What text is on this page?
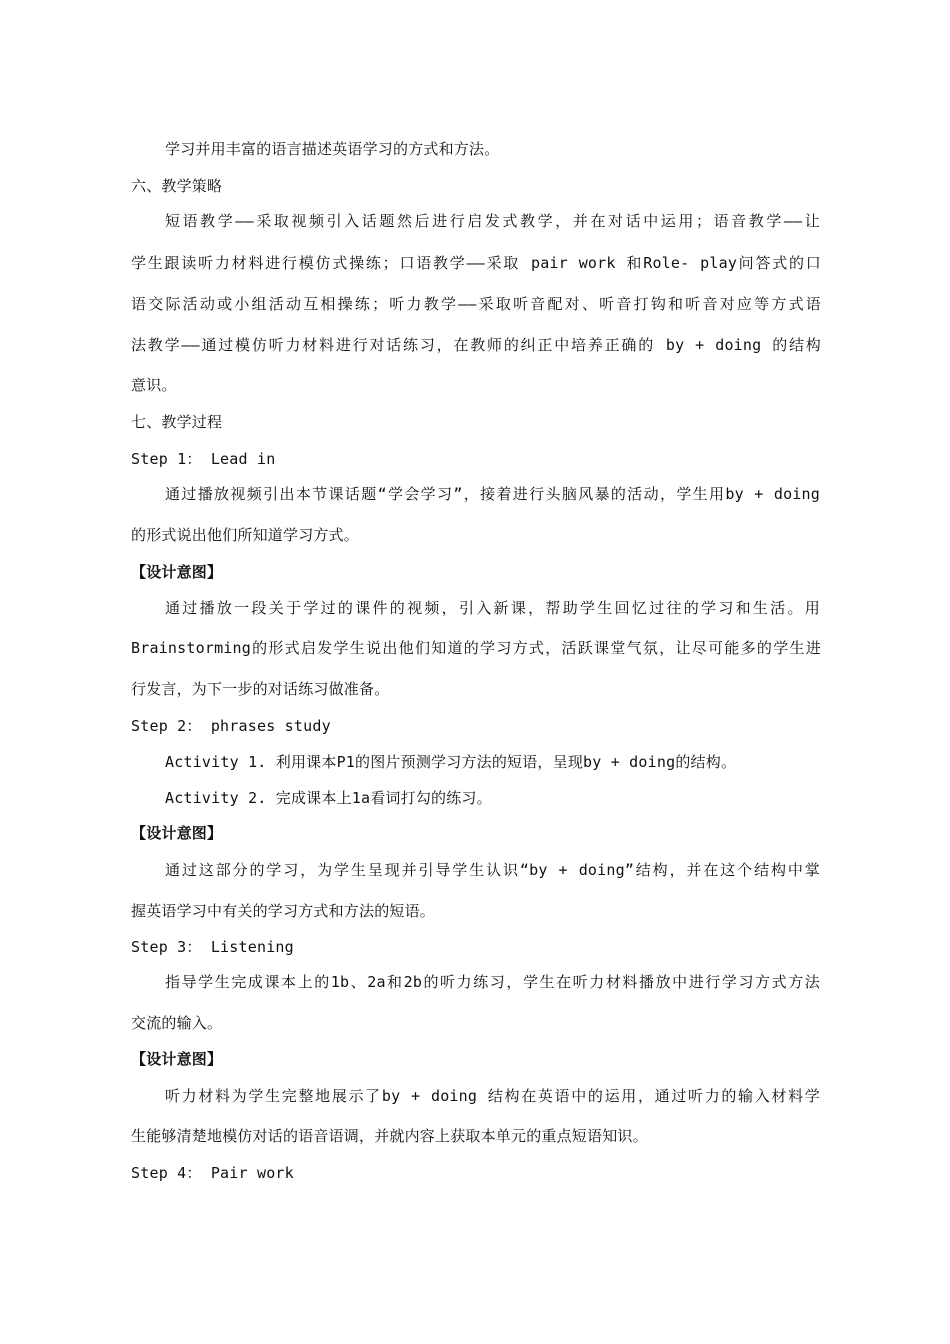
学习并用丰富的语言描述英语学习的方式和方法。
六、教学策略
短语教学——采取视频引入话题然后进行启发式教学，并在对话中运用；语音教学——让
学生跟读听力材料进行模仿式操练；口语教学——采取 pair work 和Role- play问答式的口
语交际活动或小组活动互相操练；听力教学——采取听音配对、听音打钩和听音对应等方式语
法教学——通过模仿听力材料进行对话练习，在教师的纠正中培养正确的 by + doing 的结构
意识。
七、教学过程
Step 1： Lead in
通过播放视频引出本节课话题“学会学习”，接着进行头脑风暴的活动，学生用by + doing
的形式说出他们所知道学习方式。
【设计意图】
通过播放一段关于学过的课件的视频，引入新课，帮助学生回忆过往的学习和生活。用
Brainstorming的形式启发学生说出他们知道的学习方式，活跃课堂气氛，让尽可能多的学生进
行发言，为下一步的对话练习做准备。
Step 2： phrases study
Activity 1. 利用课本P1的图片预测学习方法的短语，呈现by + doing的结构。
Activity 2. 完成课本上1a看词打勾的练习。
【设计意图】
通过这部分的学习，为学生呈现并引导学生认识“by + doing”结构，并在这个结构中掌
握英语学习中有关的学习方式和方法的短语。
Step 3： Listening
指导学生完成课本上的1b、2a和2b的听力练习，学生在听力材料播放中进行学习方式方法
交流的输入。
【设计意图】
听力材料为学生完整地展示了by + doing 结构在英语中的运用，通过听力的输入材料学
生能够清楚地模仿对话的语音语调，并就内容上获取本单元的重点短语知识。
Step 4： Pair work
